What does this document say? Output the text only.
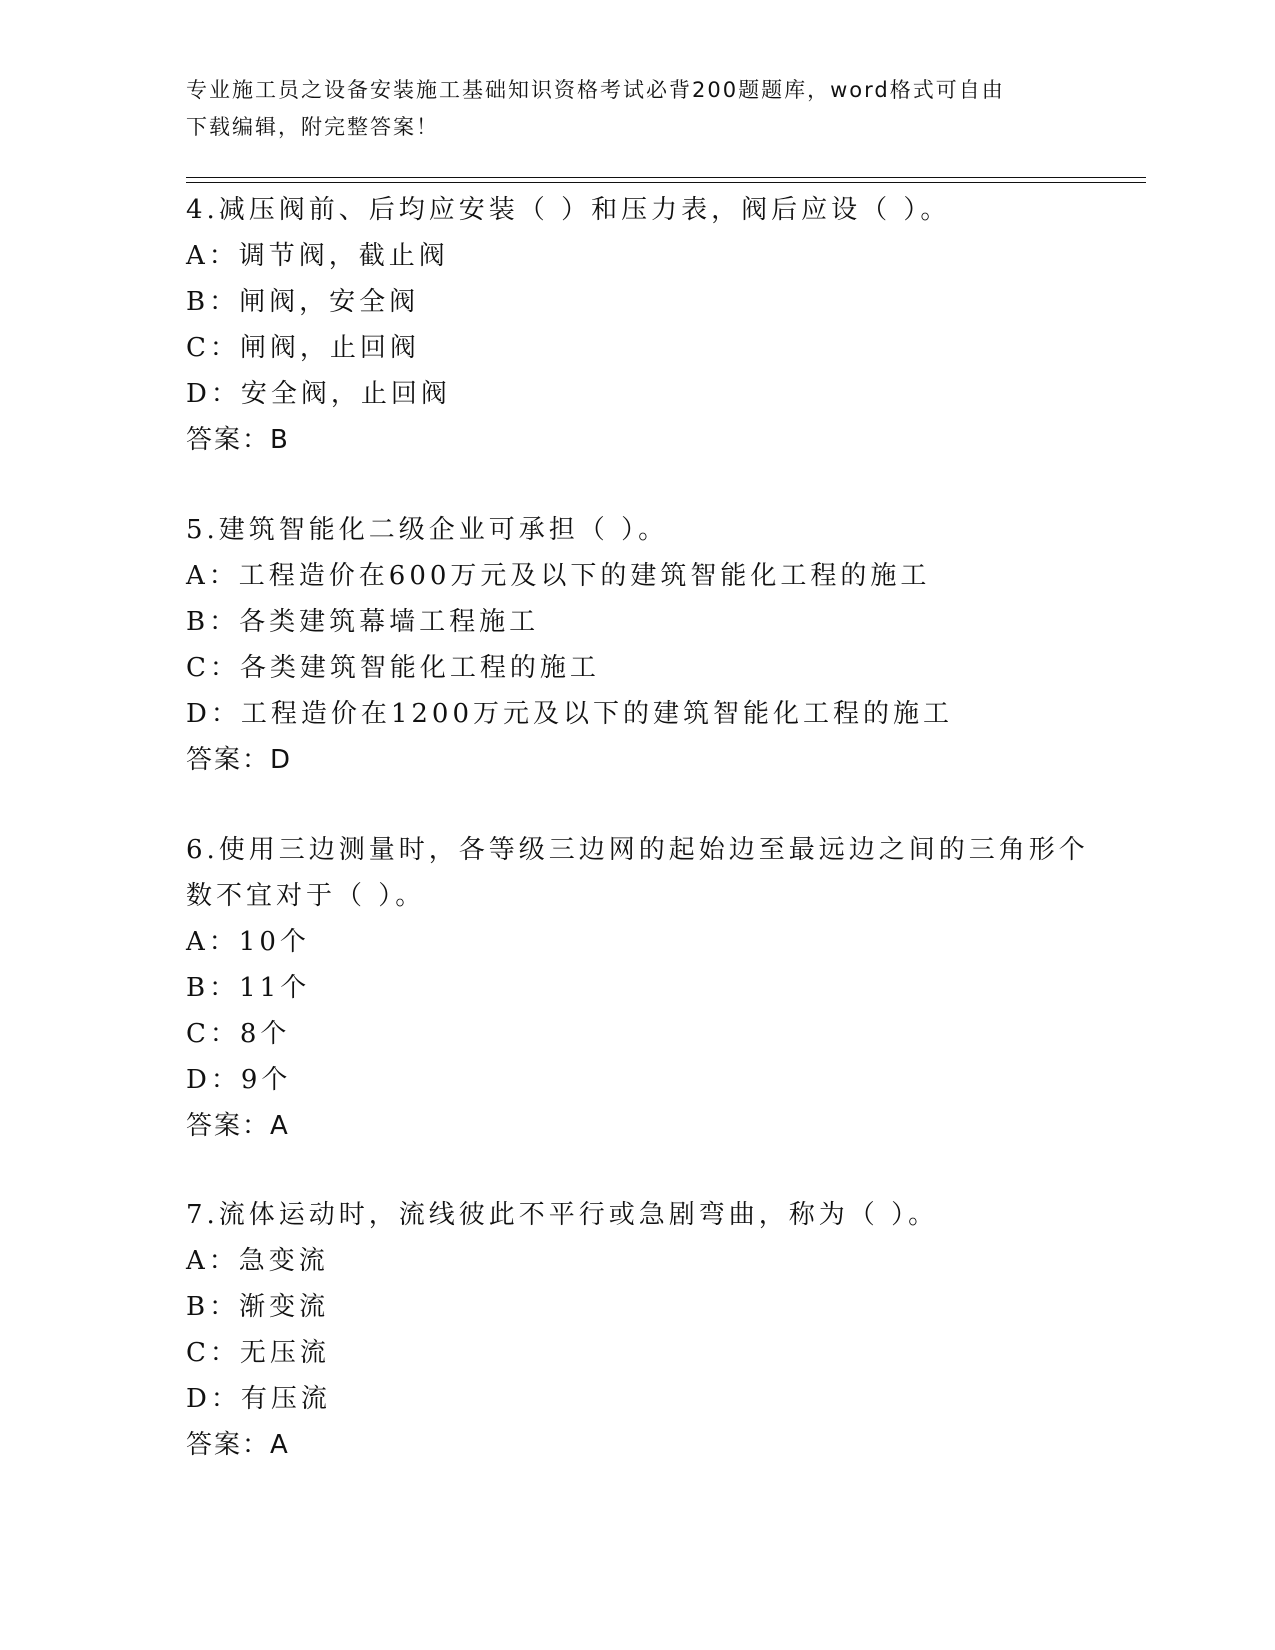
专业施工员之设备安装施工基础知识资格考试必背200题题库，word格式可自由
下载编辑，附完整答案！
4.减压阀前、后均应安装（ ）和压力表，阀后应设（ ）。
A：调节阀，截止阀
B：闸阀，安全阀
C：闸阀，止回阀
D：安全阀，止回阀
答案：B
5.建筑智能化二级企业可承担（ ）。
A：工程造价在600万元及以下的建筑智能化工程的施工
B：各类建筑幕墙工程施工
C：各类建筑智能化工程的施工
D：工程造价在1200万元及以下的建筑智能化工程的施工
答案：D
6.使用三边测量时，各等级三边网的起始边至最远边之间的三角形个
数不宜对于（ ）。
A：10个
B：11个
C：8个
D：9个
答案：A
7.流体运动时，流线彼此不平行或急剧弯曲，称为（ ）。
A：急变流
B：渐变流
C：无压流
D：有压流
答案：A
